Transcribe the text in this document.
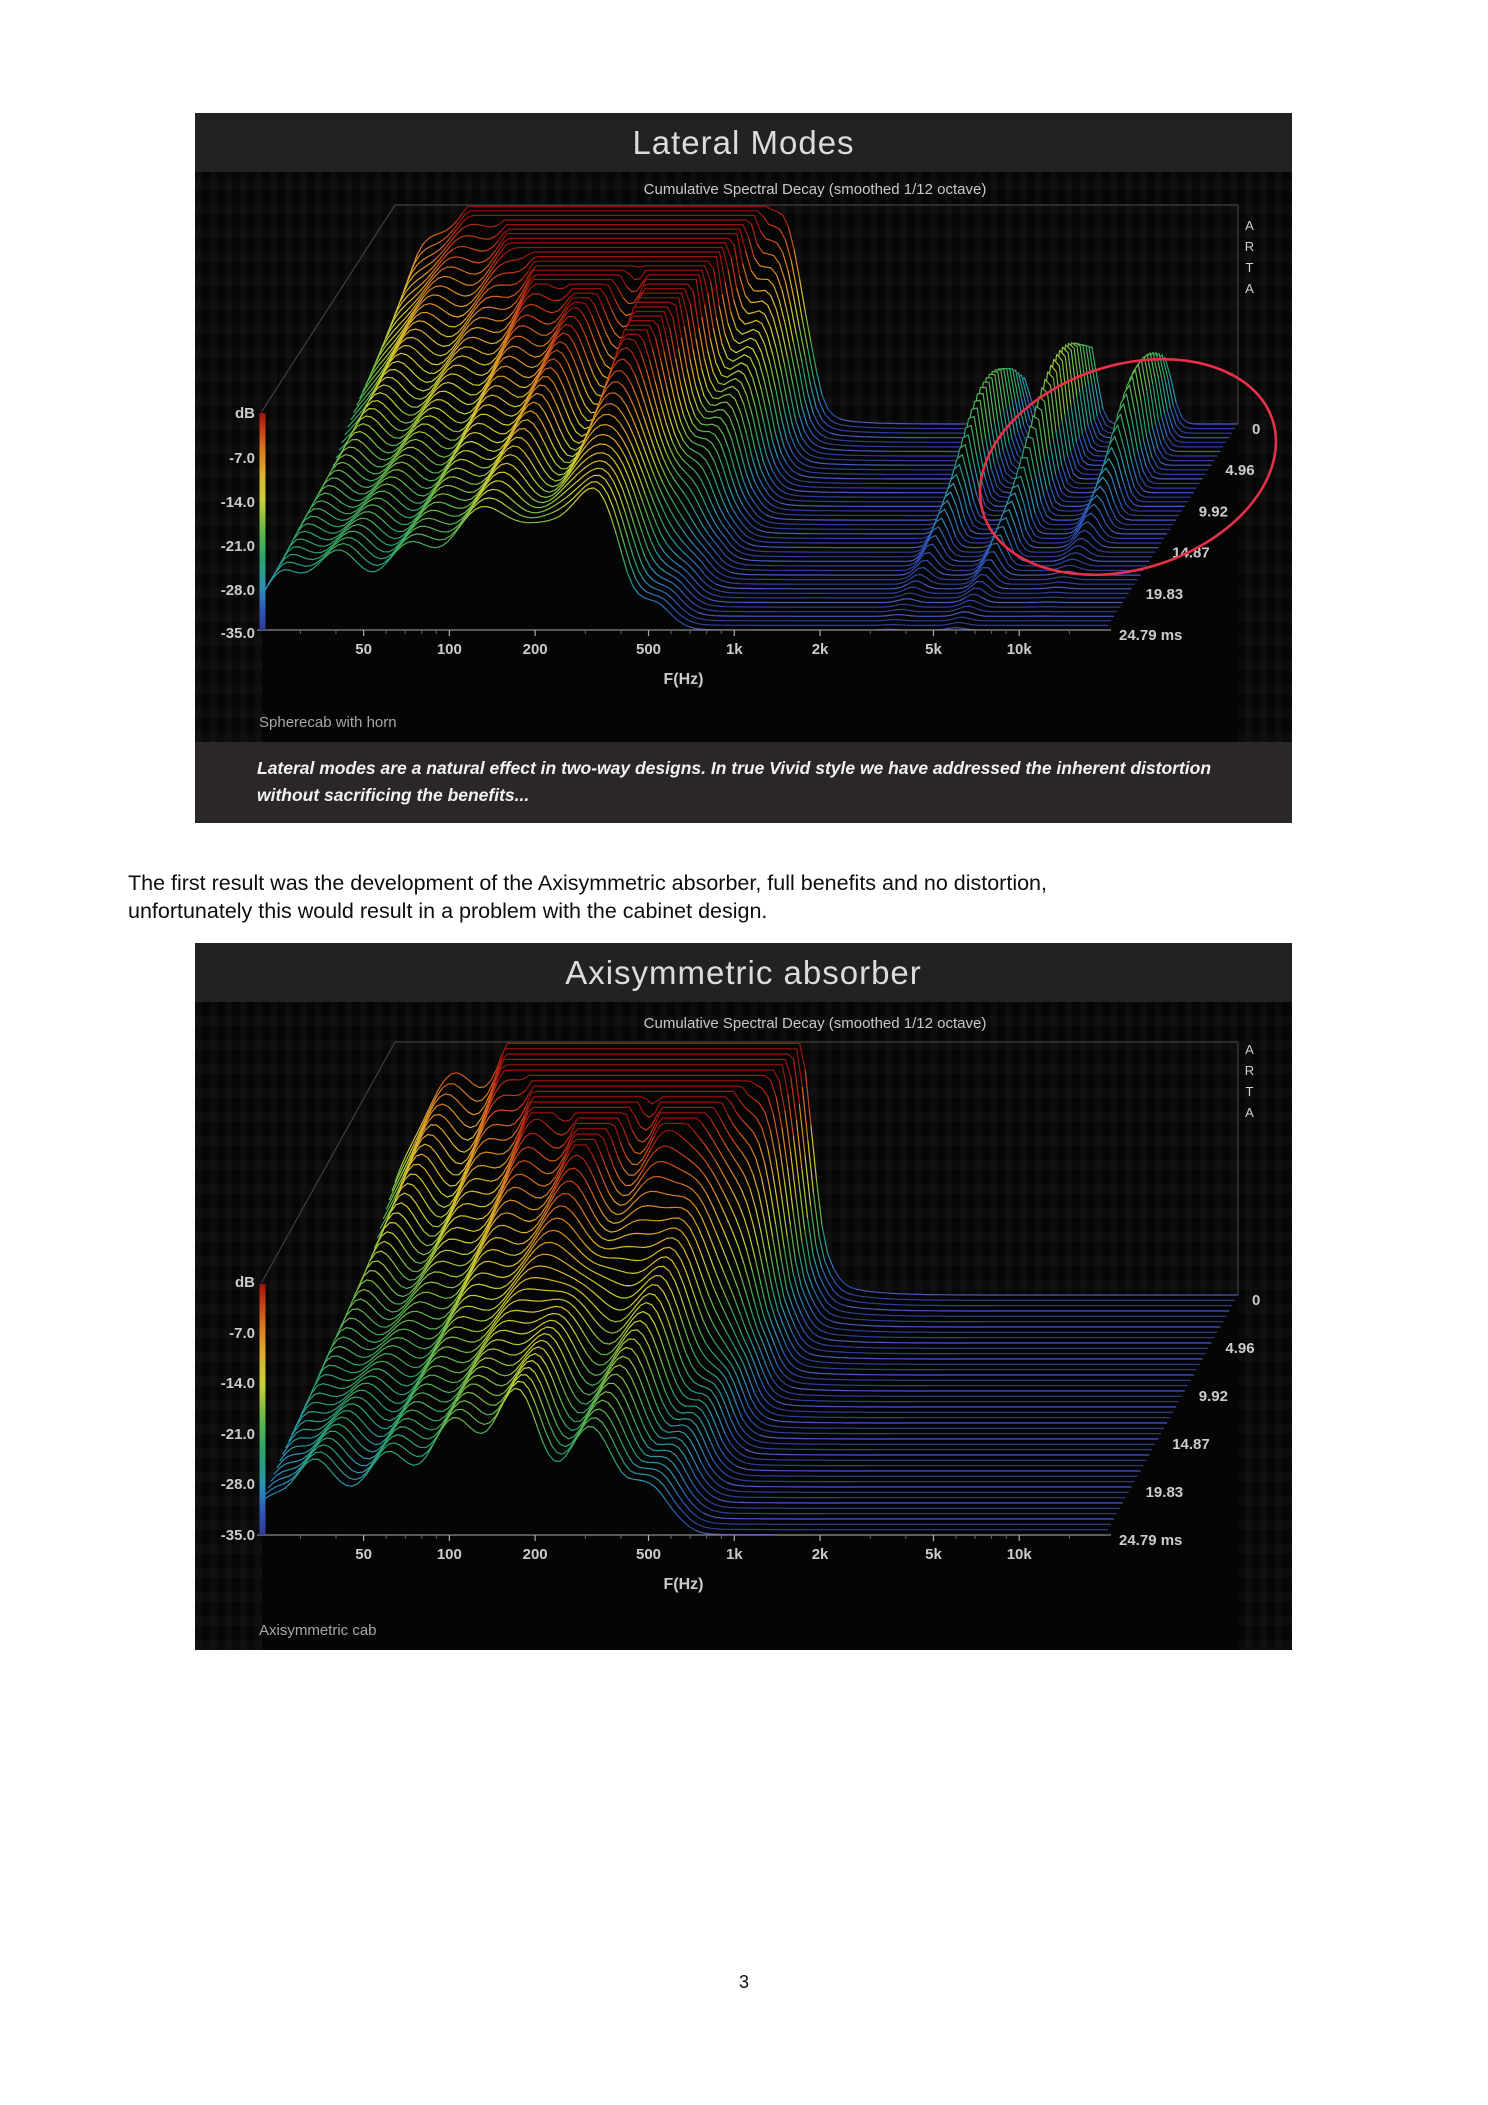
Lateral Modes
50	100	200	500	1k	2k	5k	10k
F(Hz)
dB
-7.0
-14.0
-21.0
-28.0
-35.0
0
4.96
9.92
14.87
19.83
24.79 ms
Cumulative Spectral Decay (smoothed 1/12 octave)
ARTA
Spherecab with horn
Lateral modes are a natural effect in two-way designs. In true Vivid style we have addressed the inherent distortion
without sacrificing the benefits...
The first result was the development of the Axisymmetric absorber, full benefits and no distortion,
unfortunately this would result in a problem with the cabinet design.
Axisymmetric absorber
50	100	200	500	1k	2k	5k	10k
F(Hz)
dB
-7.0
-14.0
-21.0
-28.0
-35.0
0
4.96
9.92
14.87
19.83
24.79 ms
Cumulative Spectral Decay (smoothed 1/12 octave)
ARTA
Axisymmetric cab
3
